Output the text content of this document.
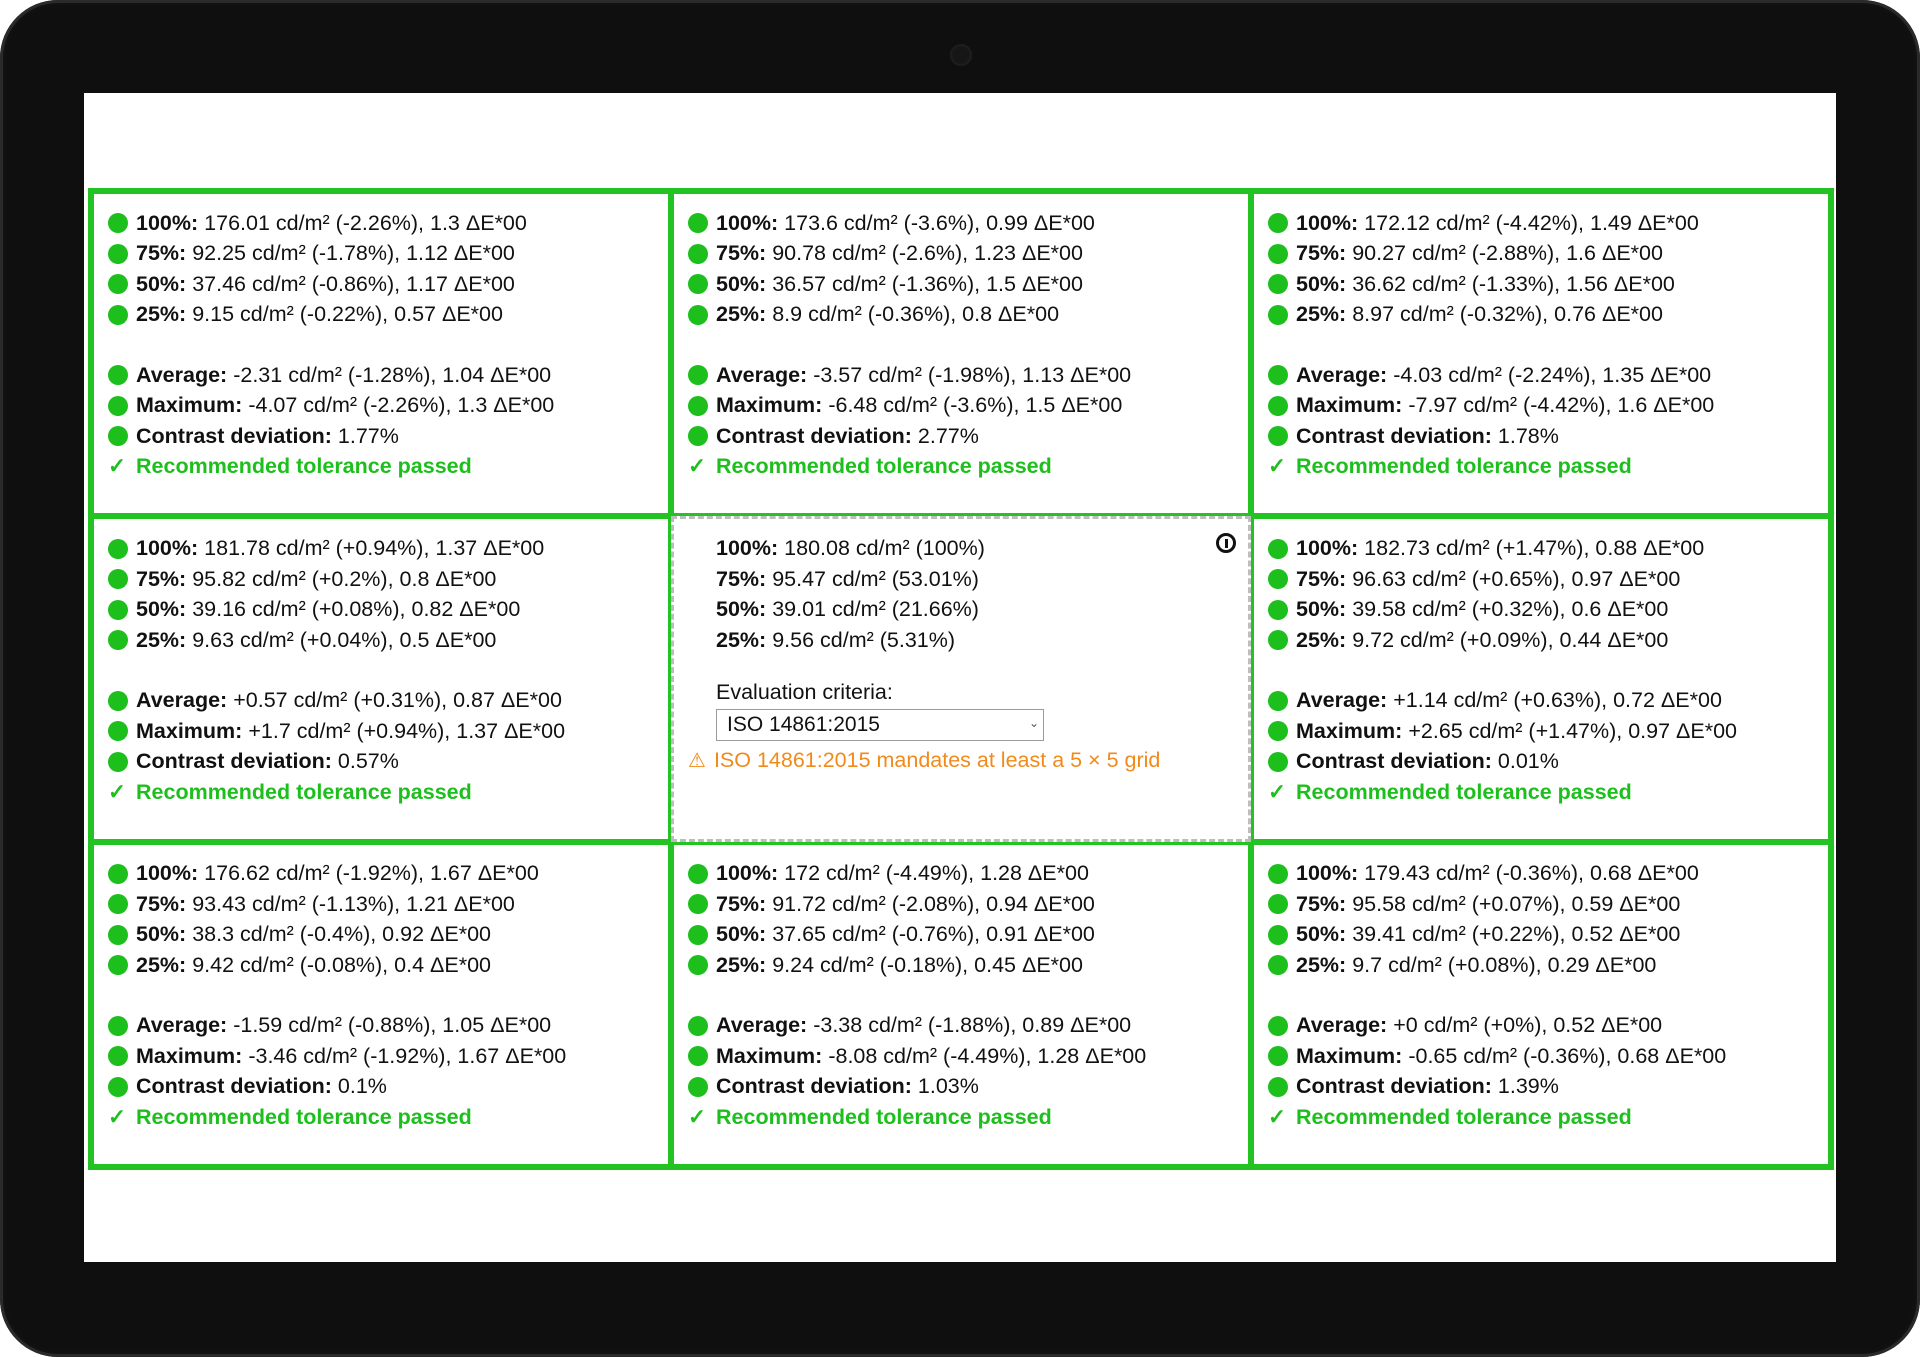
100%: 176.01 cd/m² (-2.26%), 1.3 ΔE*00
75%: 92.25 cd/m² (-1.78%), 1.12 ΔE*00
50%: 37.46 cd/m² (-0.86%), 1.17 ΔE*00
25%: 9.15 cd/m² (-0.22%), 0.57 ΔE*00
Average: -2.31 cd/m² (-1.28%), 1.04 ΔE*00
Maximum: -4.07 cd/m² (-2.26%), 1.3 ΔE*00
Contrast deviation: 1.77%
✓ Recommended tolerance passed
100%: 173.6 cd/m² (-3.6%), 0.99 ΔE*00
75%: 90.78 cd/m² (-2.6%), 1.23 ΔE*00
50%: 36.57 cd/m² (-1.36%), 1.5 ΔE*00
25%: 8.9 cd/m² (-0.36%), 0.8 ΔE*00
Average: -3.57 cd/m² (-1.98%), 1.13 ΔE*00
Maximum: -6.48 cd/m² (-3.6%), 1.5 ΔE*00
Contrast deviation: 2.77%
✓ Recommended tolerance passed
100%: 172.12 cd/m² (-4.42%), 1.49 ΔE*00
75%: 90.27 cd/m² (-2.88%), 1.6 ΔE*00
50%: 36.62 cd/m² (-1.33%), 1.56 ΔE*00
25%: 8.97 cd/m² (-0.32%), 0.76 ΔE*00
Average: -4.03 cd/m² (-2.24%), 1.35 ΔE*00
Maximum: -7.97 cd/m² (-4.42%), 1.6 ΔE*00
Contrast deviation: 1.78%
✓ Recommended tolerance passed
100%: 181.78 cd/m² (+0.94%), 1.37 ΔE*00
75%: 95.82 cd/m² (+0.2%), 0.8 ΔE*00
50%: 39.16 cd/m² (+0.08%), 0.82 ΔE*00
25%: 9.63 cd/m² (+0.04%), 0.5 ΔE*00
Average: +0.57 cd/m² (+0.31%), 0.87 ΔE*00
Maximum: +1.7 cd/m² (+0.94%), 1.37 ΔE*00
Contrast deviation: 0.57%
✓ Recommended tolerance passed
100%: 180.08 cd/m² (100%)
75%: 95.47 cd/m² (53.01%)
50%: 39.01 cd/m² (21.66%)
25%: 9.56 cd/m² (5.31%)
Evaluation criteria:
ISO 14861:2015	⌄
⚠ ISO 14861:2015 mandates at least a 5 × 5 grid
100%: 182.73 cd/m² (+1.47%), 0.88 ΔE*00
75%: 96.63 cd/m² (+0.65%), 0.97 ΔE*00
50%: 39.58 cd/m² (+0.32%), 0.6 ΔE*00
25%: 9.72 cd/m² (+0.09%), 0.44 ΔE*00
Average: +1.14 cd/m² (+0.63%), 0.72 ΔE*00
Maximum: +2.65 cd/m² (+1.47%), 0.97 ΔE*00
Contrast deviation: 0.01%
✓ Recommended tolerance passed
100%: 176.62 cd/m² (-1.92%), 1.67 ΔE*00
75%: 93.43 cd/m² (-1.13%), 1.21 ΔE*00
50%: 38.3 cd/m² (-0.4%), 0.92 ΔE*00
25%: 9.42 cd/m² (-0.08%), 0.4 ΔE*00
Average: -1.59 cd/m² (-0.88%), 1.05 ΔE*00
Maximum: -3.46 cd/m² (-1.92%), 1.67 ΔE*00
Contrast deviation: 0.1%
✓ Recommended tolerance passed
100%: 172 cd/m² (-4.49%), 1.28 ΔE*00
75%: 91.72 cd/m² (-2.08%), 0.94 ΔE*00
50%: 37.65 cd/m² (-0.76%), 0.91 ΔE*00
25%: 9.24 cd/m² (-0.18%), 0.45 ΔE*00
Average: -3.38 cd/m² (-1.88%), 0.89 ΔE*00
Maximum: -8.08 cd/m² (-4.49%), 1.28 ΔE*00
Contrast deviation: 1.03%
✓ Recommended tolerance passed
100%: 179.43 cd/m² (-0.36%), 0.68 ΔE*00
75%: 95.58 cd/m² (+0.07%), 0.59 ΔE*00
50%: 39.41 cd/m² (+0.22%), 0.52 ΔE*00
25%: 9.7 cd/m² (+0.08%), 0.29 ΔE*00
Average: +0 cd/m² (+0%), 0.52 ΔE*00
Maximum: -0.65 cd/m² (-0.36%), 0.68 ΔE*00
Contrast deviation: 1.39%
✓ Recommended tolerance passed
